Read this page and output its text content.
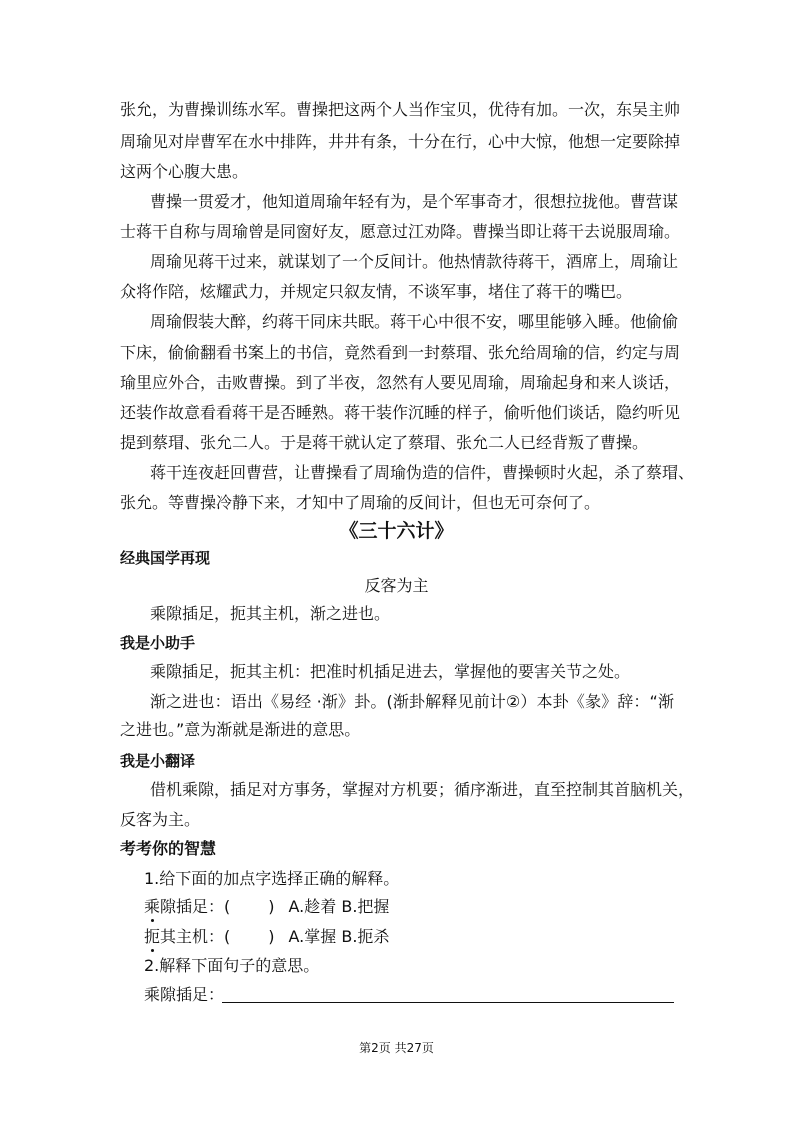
张允，为曹操训练水军。曹操把这两个人当作宝贝，优待有加。一次，东吴主帅
周瑜见对岸曹军在水中排阵，井井有条，十分在行，心中大惊，他想一定要除掉
这两个心腹大患。
曹操一贯爱才，他知道周瑜年轻有为，是个军事奇才，很想拉拢他。曹营谋
士蒋干自称与周瑜曾是同窗好友，愿意过江劝降。曹操当即让蒋干去说服周瑜。
周瑜见蒋干过来，就谋划了一个反间计。他热情款待蒋干，酒席上，周瑜让
众将作陪，炫耀武力，并规定只叙友情，不谈军事，堵住了蒋干的嘴巴。
周瑜假装大醉，约蒋干同床共眠。蒋干心中很不安，哪里能够入睡。他偷偷
下床，偷偷翻看书案上的书信，竟然看到一封蔡瑁、张允给周瑜的信，约定与周
瑜里应外合，击败曹操。到了半夜，忽然有人要见周瑜，周瑜起身和来人谈话，
还装作故意看看蒋干是否睡熟。蒋干装作沉睡的样子，偷听他们谈话，隐约听见
提到蔡瑁、张允二人。于是蒋干就认定了蔡瑁、张允二人已经背叛了曹操。
蒋干连夜赶回曹营，让曹操看了周瑜伪造的信件，曹操顿时火起，杀了蔡瑁、
张允。等曹操冷静下来，才知中了周瑜的反间计，但也无可奈何了。
《三十六计》
经典国学再现
反客为主
乘隙插足，扼其主机，渐之进也。
我是小助手
乘隙插足，扼其主机：把准时机插足进去，掌握他的要害关节之处。
渐之进也：语出《易经 ·渐》卦。(渐卦解释见前计②）本卦《彖》辞：“渐
之进也。”意为渐就是渐进的意思。
我是小翻译
借机乘隙，插足对方事务，掌握对方机要；循序渐进，直至控制其首脑机关，
反客为主。
考考你的智慧
1.给下面的加点字选择正确的解释。
乘隙插足：( ) A.趁着 B.把握
扼其主机：( ) A.掌握 B.扼杀
2.解释下面句子的意思。
乘隙插足：
第2页 共27页
